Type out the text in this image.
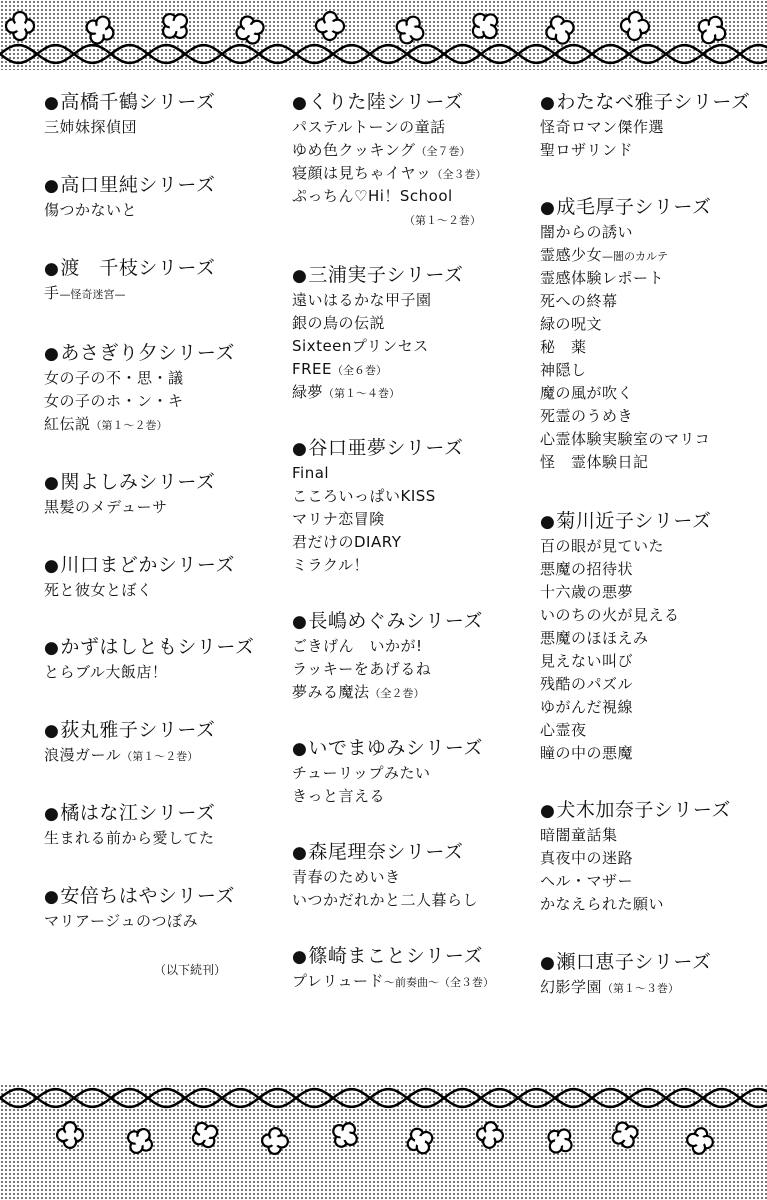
● 高橋千鶴シリーズ
三姉妹探偵団
● 高口里純シリーズ
傷つかないと
● 渡　千枝シリーズ
手—怪奇迷宮—
● あさぎり夕シリーズ
女の子の不・思・議
女の子のホ・ン・キ
紅伝説（第１～２巻）
● 関よしみシリーズ
黒髪のメデューサ
● 川口まどかシリーズ
死と彼女とぼく
● かずはしともシリーズ
とらブル大飯店！
● 荻丸雅子シリーズ
浪漫ガール（第１～２巻）
● 橘はな江シリーズ
生まれる前から愛してた
● 安倍ちはやシリーズ
マリアージュのつぼみ
● くりた陸シリーズ
パステルトーンの童話
ゆめ色クッキング（全７巻）
寝顔は見ちゃイヤッ（全３巻）
ぷっちん♡Hi！School
（第１～２巻）
● 三浦実子シリーズ
遠いはるかな甲子園
銀の鳥の伝説
Sixteenプリンセス
FREE（全６巻）
緑夢（第１～４巻）
● 谷口亜夢シリーズ
Final
こころいっぱいKISS
マリナ恋冒険
君だけのDIARY
ミラクル！
● 長嶋めぐみシリーズ
ごきげん　いかが!
ラッキーをあげるね
夢みる魔法（全２巻）
● いでまゆみシリーズ
チューリップみたい
きっと言える
● 森尾理奈シリーズ
青春のためいき
いつかだれかと二人暮らし
● 篠崎まことシリーズ
プレリュード～前奏曲～（全３巻）
● わたなべ雅子シリーズ
怪奇ロマン傑作選
聖ロザリンド
● 成毛厚子シリーズ
闇からの誘い
霊感少女—闇のカルテ
霊感体験レポート
死への終幕
緑の呪文
秘　薬
神隠し
魔の風が吹く
死霊のうめき
心霊体験実験室のマリコ
怪　霊体験日記
● 菊川近子シリーズ
百の眼が見ていた
悪魔の招待状
十六歳の悪夢
いのちの火が見える
悪魔のほほえみ
見えない叫び
残酷のパズル
ゆがんだ視線
心霊夜
瞳の中の悪魔
● 犬木加奈子シリーズ
暗闇童話集
真夜中の迷路
ヘル・マザー
かなえられた願い
● 瀬口恵子シリーズ
幻影学園（第１～３巻）
（以下続刊）
